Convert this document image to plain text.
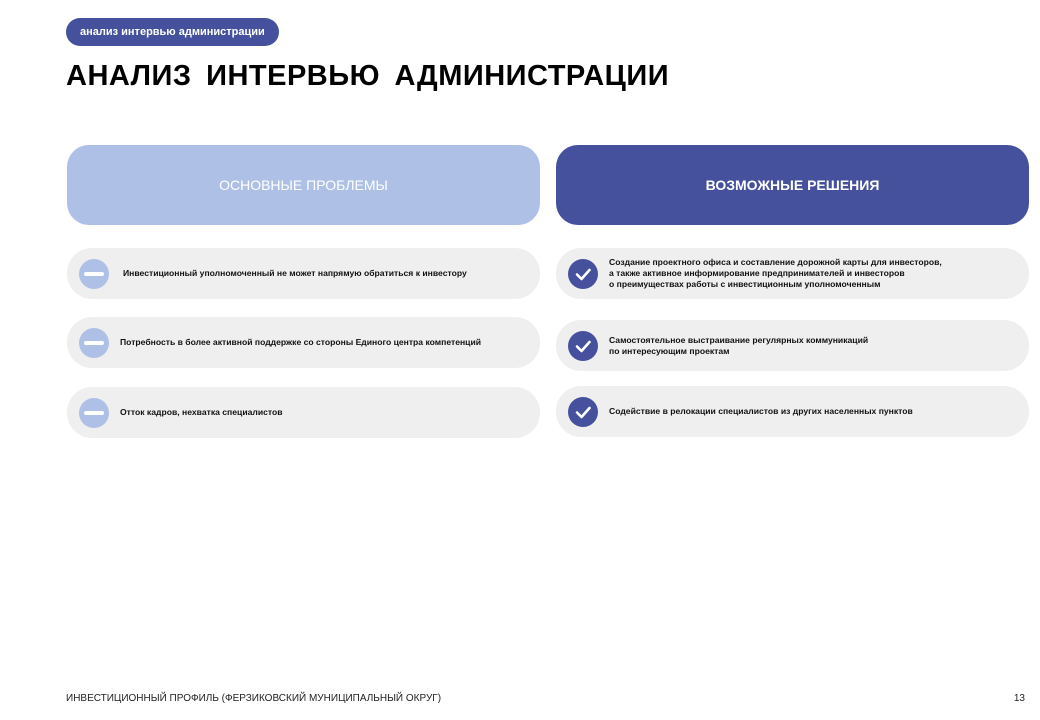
анализ интервью администрации
АНАЛИЗ ИНТЕРВЬЮ АДМИНИСТРАЦИИ
ОСНОВНЫЕ ПРОБЛЕМЫ	ВОЗМОЖНЫЕ РЕШЕНИЯ
Инвестиционный уполномоченный не может напрямую обратиться к инвестору
Потребность в более активной поддержке со стороны Единого центра компетенций
Отток кадров, нехватка специалистов
Создание проектного офиса и составление дорожной карты для инвесторов,
а также активное информирование предпринимателей и инвесторов
о преимуществах работы с инвестиционным уполномоченным
Самостоятельное выстраивание регулярных коммуникаций
по интересующим проектам
Содействие в релокации специалистов из других населенных пунктов
ИНВЕСТИЦИОННЫЙ ПРОФИЛЬ (ФЕРЗИКОВСКИЙ МУНИЦИПАЛЬНЫЙ ОКРУГ)	13
